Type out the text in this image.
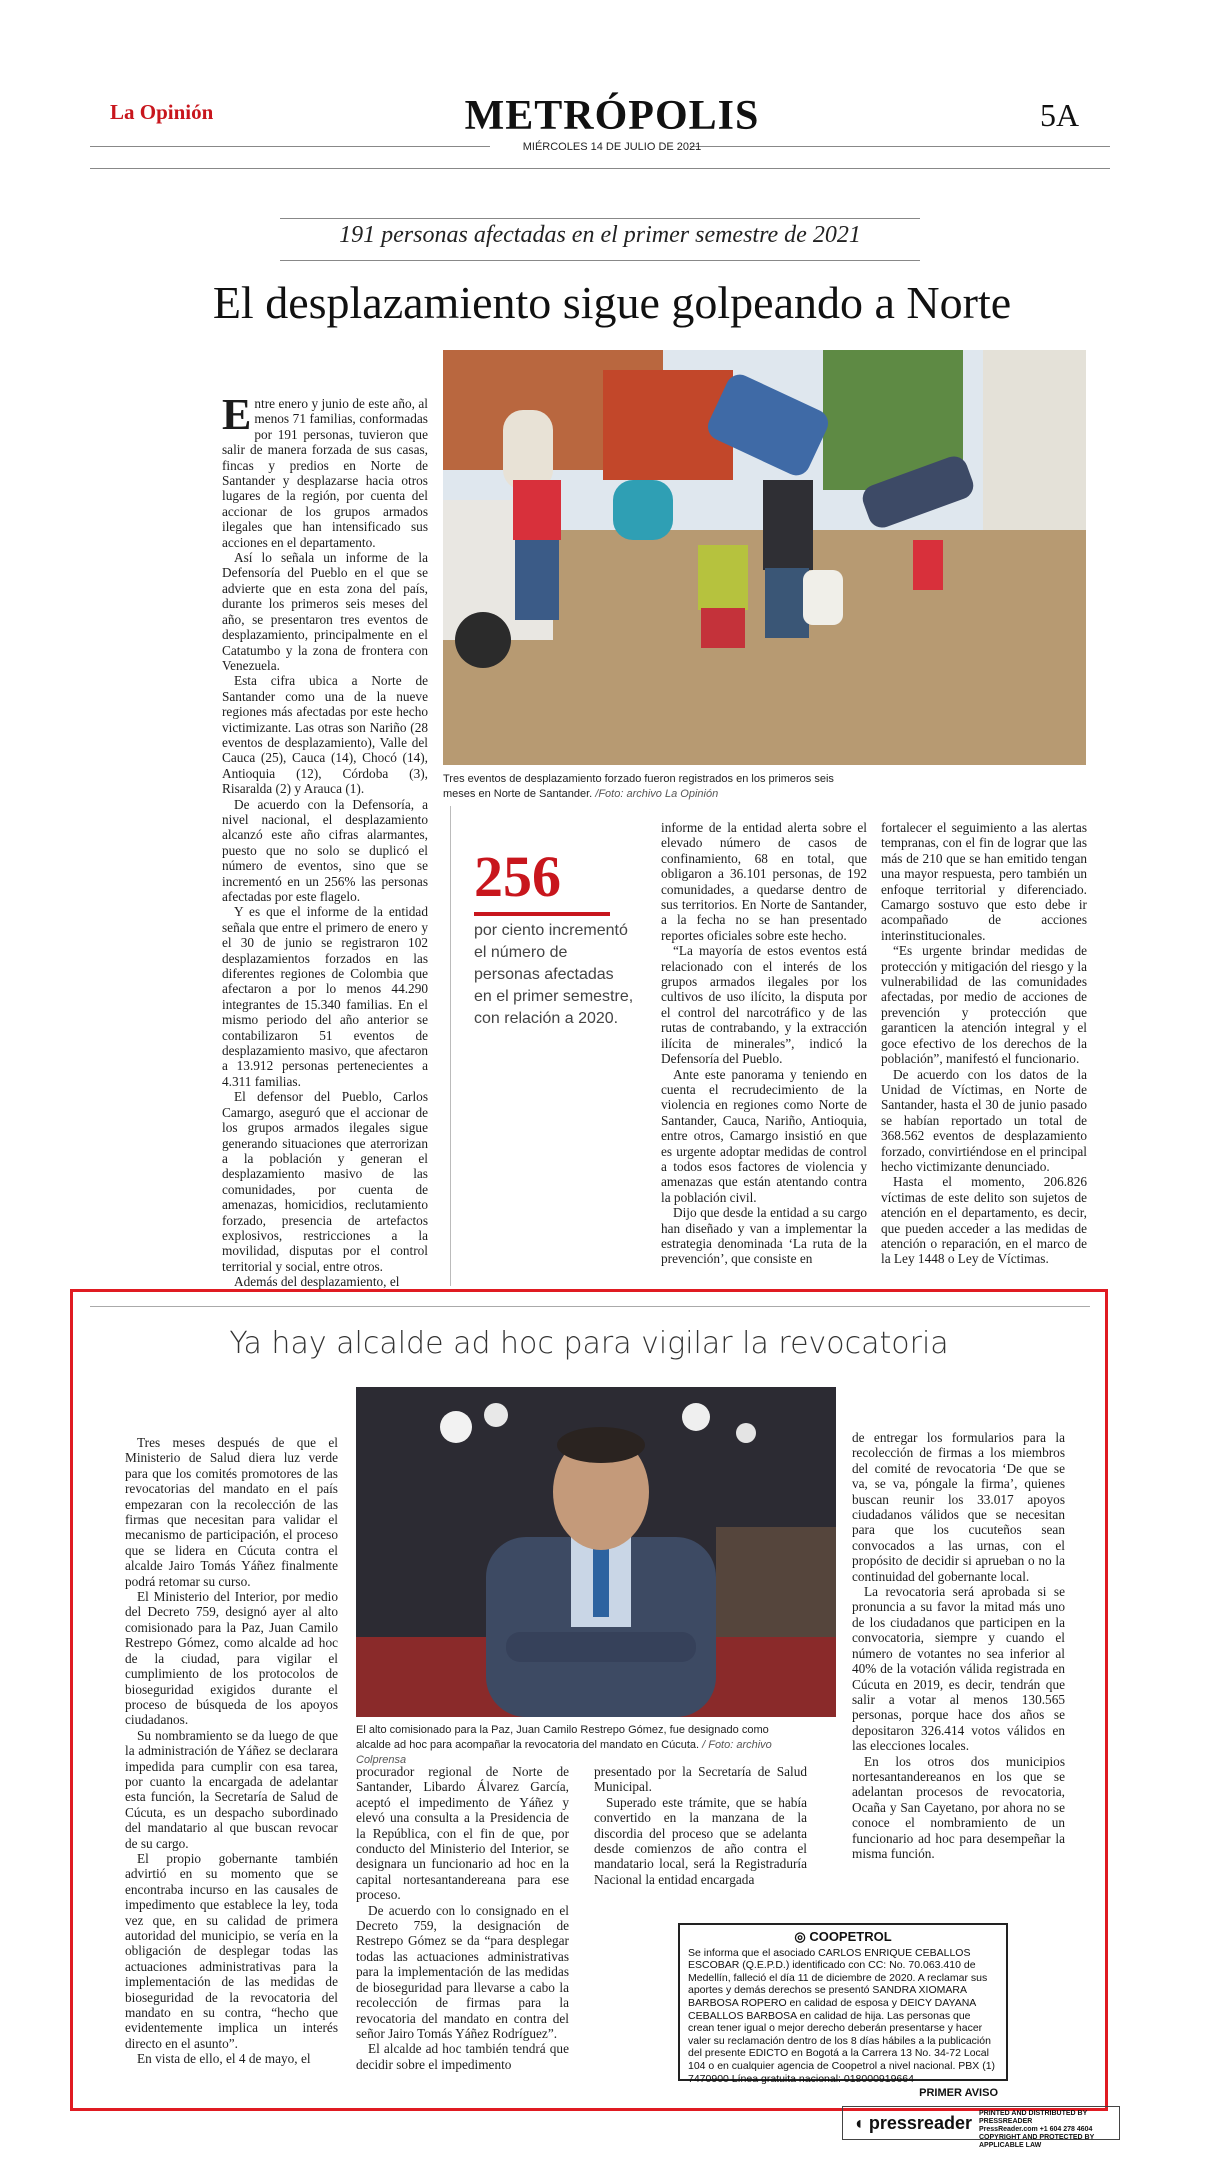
La Opinión	METRÓPOLIS	5A
MIÉRCOLES 14 DE JULIO DE 2021
191 personas afectadas en el primer semestre de 2021
El desplazamiento sigue golpeando a Norte

Entre enero y junio de este año, al menos 71 familias, conformadas por 191 personas, tuvieron que salir de manera forzada de sus casas, fincas y predios en Norte de Santander y desplazarse hacia otros lugares de la región, por cuenta del accionar de los grupos armados ilegales que han intensificado sus acciones en el departamento.

Así lo señala un informe de la Defensoría del Pueblo en el que se advierte que en esta zona del país, durante los primeros seis meses del año, se presentaron tres eventos de desplazamiento, principalmente en el Catatumbo y la zona de frontera con Venezuela.

Esta cifra ubica a Norte de Santander como una de la nueve regiones más afectadas por este hecho victimizante. Las otras son Nariño (28 eventos de desplazamiento), Valle del Cauca (25), Cauca (14), Chocó (14), Antioquia (12), Córdoba (3), Risaralda (2) y Arauca (1).

De acuerdo con la Defensoría, a nivel nacional, el desplazamiento alcanzó este año cifras alarmantes, puesto que no solo se duplicó el número de eventos, sino que se incrementó en un 256% las personas afectadas por este flagelo.

Y es que el informe de la entidad señala que entre el primero de enero y el 30 de junio se registraron 102 desplazamientos forzados en las diferentes regiones de Colombia que afectaron a por lo menos 44.290 integrantes de 15.340 familias. En el mismo periodo del año anterior se contabilizaron 51 eventos de desplazamiento masivo, que afectaron a 13.912 personas pertenecientes a 4.311 familias.

El defensor del Pueblo, Carlos Camargo, aseguró que el accionar de los grupos armados ilegales sigue generando situaciones que aterrorizan a la población y generan el desplazamiento masivo de las comunidades, por cuenta de amenazas, homicidios, reclutamiento forzado, presencia de artefactos explosivos, restricciones a la movilidad, disputas por el control territorial y social, entre otros.

Además del desplazamiento, el

Tres eventos de desplazamiento forzado fueron registrados en los primeros seis meses en Norte de Santander. /Foto: archivo La Opinión
256
por ciento incrementó el número de personas afectadas en el primer semestre, con relación a 2020.

informe de la entidad alerta sobre el elevado número de casos de confinamiento, 68 en total, que obligaron a 36.101 personas, de 192 comunidades, a quedarse dentro de sus territorios. En Norte de Santander, a la fecha no se han presentado reportes oficiales sobre este hecho.

“La mayoría de estos eventos está relacionado con el interés de los grupos armados ilegales por los cultivos de uso ilícito, la disputa por el control del narcotráfico y de las rutas de contrabando, y la extracción ilícita de minerales”, indicó la Defensoría del Pueblo.

Ante este panorama y teniendo en cuenta el recrudecimiento de la violencia en regiones como Norte de Santander, Cauca, Nariño, Antioquia, entre otros, Camargo insistió en que es urgente adoptar medidas de control a todos esos factores de violencia y amenazas que están atentando contra la población civil.

Dijo que desde la entidad a su cargo han diseñado y van a implementar la estrategia denominada ‘La ruta de la prevención’, que consiste en

fortalecer el seguimiento a las alertas tempranas, con el fin de lograr que las más de 210 que se han emitido tengan una mayor respuesta, pero también un enfoque territorial y diferenciado. Camargo sostuvo que esto debe ir acompañado de acciones interinstitucionales.

“Es urgente brindar medidas de protección y mitigación del riesgo y la vulnerabilidad de las comunidades afectadas, por medio de acciones de prevención y protección que garanticen la atención integral y el goce efectivo de los derechos de la población”, manifestó el funcionario.

De acuerdo con los datos de la Unidad de Víctimas, en Norte de Santander, hasta el 30 de junio pasado se habían reportado un total de 368.562 eventos de desplazamiento forzado, convirtiéndose en el principal hecho victimizante denunciado.

Hasta el momento, 206.826 víctimas de este delito son sujetos de atención en el departamento, es decir, que pueden acceder a las medidas de atención o reparación, en el marco de la Ley 1448 o Ley de Víctimas.

Ya hay alcalde ad hoc para vigilar la revocatoria

Tres meses después de que el Ministerio de Salud diera luz verde para que los comités promotores de las revocatorias del mandato en el país empezaran con la recolección de las firmas que necesitan para validar el mecanismo de participación, el proceso que se lidera en Cúcuta contra el alcalde Jairo Tomás Yáñez finalmente podrá retomar su curso.

El Ministerio del Interior, por medio del Decreto 759, designó ayer al alto comisionado para la Paz, Juan Camilo Restrepo Gómez, como alcalde ad hoc de la ciudad, para vigilar el cumplimiento de los protocolos de bioseguridad exigidos durante el proceso de búsqueda de los apoyos ciudadanos.

Su nombramiento se da luego de que la administración de Yáñez se declarara impedida para cumplir con esa tarea, por cuanto la encargada de adelantar esta función, la Secretaría de Salud de Cúcuta, es un despacho subordinado del mandatario al que buscan revocar de su cargo.

El propio gobernante también advirtió en su momento que se encontraba incurso en las causales de impedimento que establece la ley, toda vez que, en su calidad de primera autoridad del municipio, se vería en la obligación de desplegar todas las actuaciones administrativas para la implementación de las medidas de bioseguridad de la revocatoria del mandato en su contra, “hecho que evidentemente implica un interés directo en el asunto”.

En vista de ello, el 4 de mayo, el

El alto comisionado para la Paz, Juan Camilo Restrepo Gómez, fue designado como alcalde ad hoc para acompañar la revocatoria del mandato en Cúcuta. / Foto: archivo Colprensa

procurador regional de Norte de Santander, Libardo Álvarez García, aceptó el impedimento de Yáñez y elevó una consulta a la Presidencia de la República, con el fin de que, por conducto del Ministerio del Interior, se designara un funcionario ad hoc en la capital nortesantandereana para ese proceso.

De acuerdo con lo consignado en el Decreto 759, la designación de Restrepo Gómez se da “para desplegar todas las actuaciones administrativas para la implementación de las medidas de bioseguridad para llevarse a cabo la recolección de firmas para la revocatoria del mandato en contra del señor Jairo Tomás Yáñez Rodríguez”.

El alcalde ad hoc también tendrá que decidir sobre el impedimento

presentado por la Secretaría de Salud Municipal.

Superado este trámite, que se había convertido en la manzana de la discordia del proceso que se adelanta desde comienzos de año contra el mandatario local, será la Registraduría Nacional la entidad encargada

de entregar los formularios para la recolección de firmas a los miembros del comité de revocatoria ‘De que se va, se va, póngale la firma’, quienes buscan reunir los 33.017 apoyos ciudadanos válidos que se necesitan para que los cucuteños sean convocados a las urnas, con el propósito de decidir si aprueban o no la continuidad del gobernante local.

La revocatoria será aprobada si se pronuncia a su favor la mitad más uno de los ciudadanos que participen en la convocatoria, siempre y cuando el número de votantes no sea inferior al 40% de la votación válida registrada en Cúcuta en 2019, es decir, tendrán que salir a votar al menos 130.565 personas, porque hace dos años se depositaron 326.414 votos válidos en las elecciones locales.

En los otros dos municipios nortesantandereanos en los que se adelantan procesos de revocatoria, Ocaña y San Cayetano, por ahora no se conoce el nombramiento de un funcionario ad hoc para desempeñar la misma función.

◎ COOPETROL
Se informa que el asociado CARLOS ENRIQUE CEBALLOS ESCOBAR (Q.E.P.D.) identificado con CC: No. 70.063.410 de Medellín, falleció el día 11 de diciembre de 2020. A reclamar sus aportes y demás derechos se presentó SANDRA XIOMARA BARBOSA ROPERO en calidad de esposa y DEICY DAYANA CEBALLOS BARBOSA en calidad de hija. Las personas que crean tener igual o mejor derecho deberán presentarse y hacer valer su reclamación dentro de los 8 días hábiles a la publicación del presente EDICTO en Bogotá a la Carrera 13 No. 34-72 Local 104 o en cualquier agencia de Coopetrol a nivel nacional. PBX (1) 7470900 Línea gratuita nacional: 018000919664
PRIMER AVISO
◖ pressreader PRINTED AND DISTRIBUTED BY PRESSREADER
PressReader.com +1 604 278 4604
COPYRIGHT AND PROTECTED BY APPLICABLE LAW
